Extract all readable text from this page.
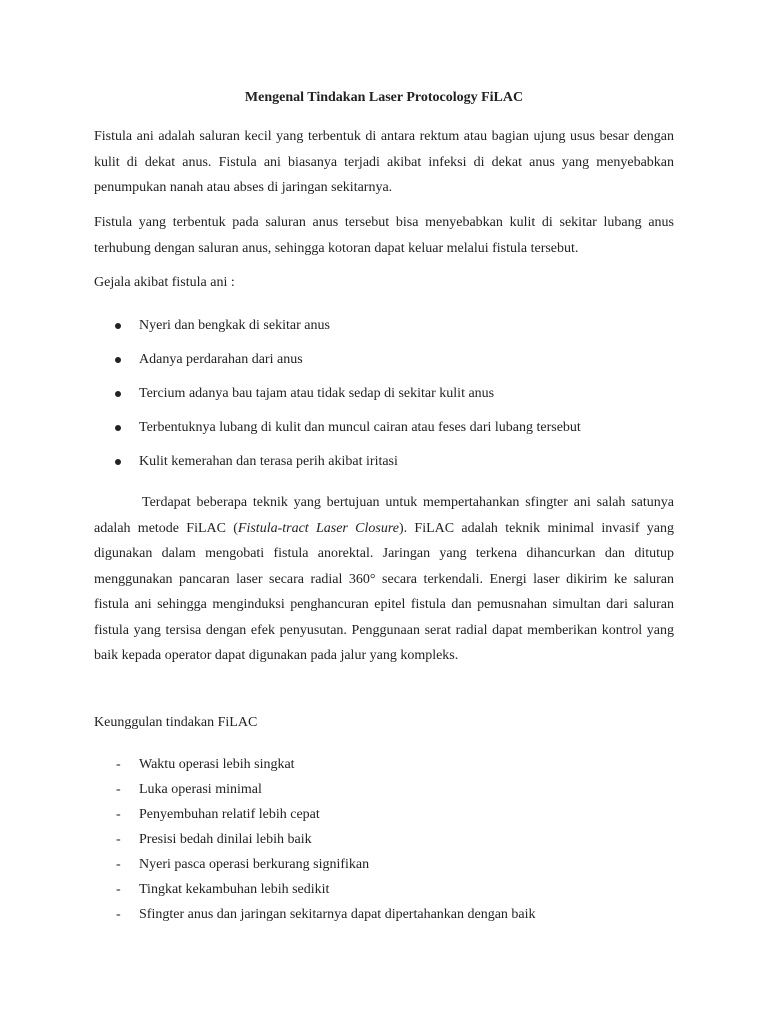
Mengenal Tindakan Laser Protocology FiLAC
Fistula ani adalah saluran kecil yang terbentuk di antara rektum atau bagian ujung usus besar dengan kulit di dekat anus. Fistula ani biasanya terjadi akibat infeksi di dekat anus yang menyebabkan penumpukan nanah atau abses di jaringan sekitarnya.
Fistula yang terbentuk pada saluran anus tersebut bisa menyebabkan kulit di sekitar lubang anus terhubung dengan saluran anus, sehingga kotoran dapat keluar melalui fistula tersebut.
Gejala akibat fistula ani :
Nyeri dan bengkak di sekitar anus
Adanya perdarahan dari anus
Tercium adanya bau tajam atau tidak sedap di sekitar kulit anus
Terbentuknya lubang di kulit dan muncul cairan atau feses dari lubang tersebut
Kulit kemerahan dan terasa perih akibat iritasi
Terdapat beberapa teknik yang bertujuan untuk mempertahankan sfingter ani salah satunya adalah metode FiLAC (Fistula-tract Laser Closure). FiLAC adalah teknik minimal invasif yang digunakan dalam mengobati fistula anorektal. Jaringan yang terkena dihancurkan dan ditutup menggunakan pancaran laser secara radial 360° secara terkendali. Energi laser dikirim ke saluran fistula ani sehingga menginduksi penghancuran epitel fistula dan pemusnahan simultan dari saluran fistula yang tersisa dengan efek penyusutan. Penggunaan serat radial dapat memberikan kontrol yang baik kepada operator dapat digunakan pada jalur yang kompleks.
Keunggulan tindakan FiLAC
- Waktu operasi lebih singkat
- Luka operasi minimal
- Penyembuhan relatif lebih cepat
- Presisi bedah dinilai lebih baik
- Nyeri pasca operasi berkurang signifikan
- Tingkat kekambuhan lebih sedikit
- Sfingter anus dan jaringan sekitarnya dapat dipertahankan dengan baik
